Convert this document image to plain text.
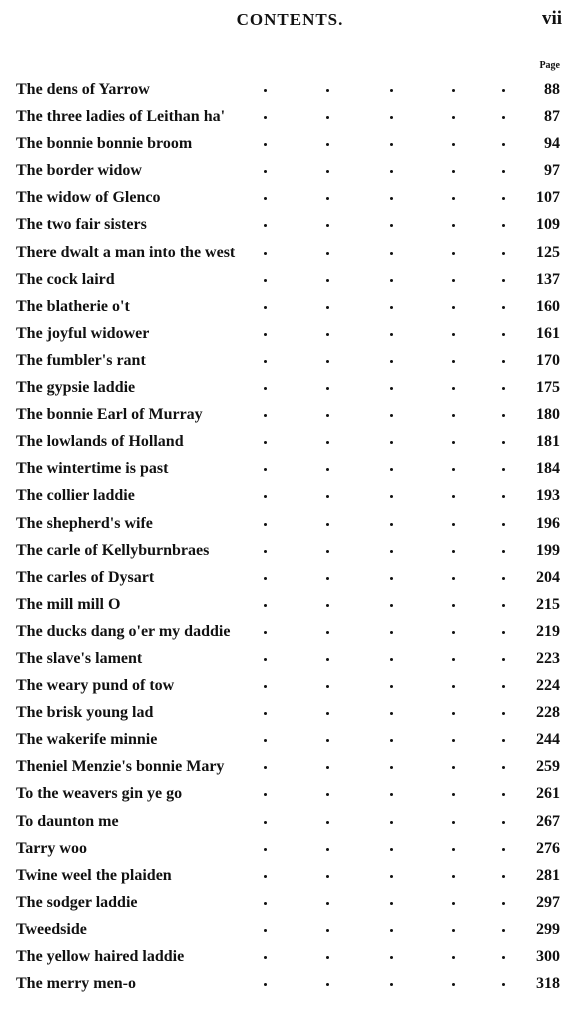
CONTENTS.	vii
Page
The dens of Yarrow	88
The three ladies of Leithan ha'	87
The bonnie bonnie broom	94
The border widow	97
The widow of Glenco	107
The two fair sisters	109
There dwalt a man into the west	125
The cock laird	137
The blatherie o't	160
The joyful widower	161
The fumbler's rant	170
The gypsie laddie	175
The bonnie Earl of Murray	180
The lowlands of Holland	181
The wintertime is past	184
The collier laddie	193
The shepherd's wife	196
The carle of Kellyburnbraes	199
The carles of Dysart	204
The mill mill O	215
The ducks dang o'er my daddie	219
The slave's lament	223
The weary pund of tow	224
The brisk young lad	228
The wakerife minnie	244
Theniel Menzie's bonnie Mary	259
To the weavers gin ye go	261
To daunton me	267
Tarry woo	276
Twine weel the plaiden	281
The sodger laddie	297
Tweedside	299
The yellow haired laddie	300
The merry men-o	318
